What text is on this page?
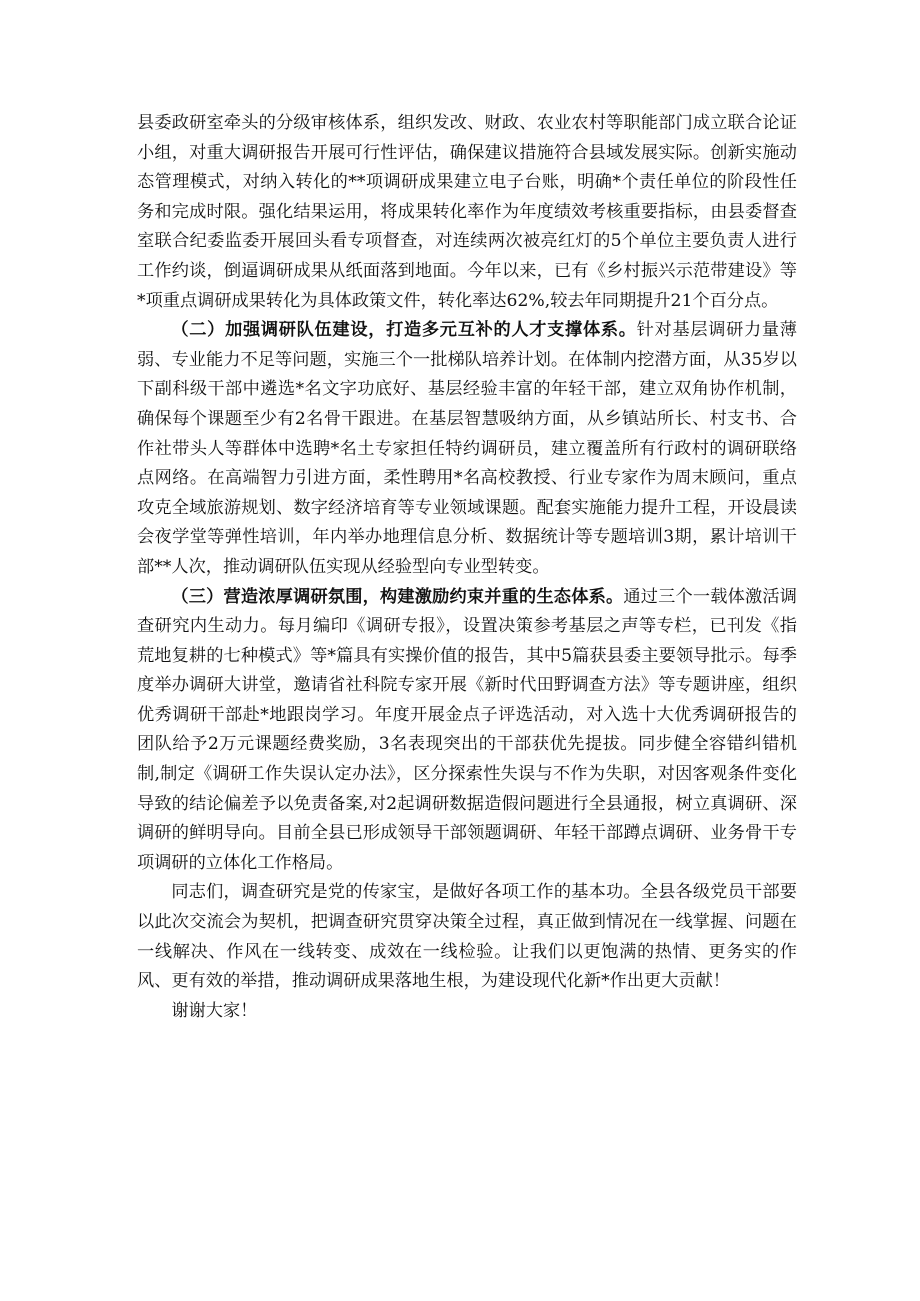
县委政研室牵头的分级审核体系，组织发改、财政、农业农村等职能部门成立联合论证小组，对重大调研报告开展可行性评估，确保建议措施符合县域发展实际。创新实施动态管理模式，对纳入转化的**项调研成果建立电子台账，明确*个责任单位的阶段性任务和完成时限。强化结果运用，将成果转化率作为年度绩效考核重要指标，由县委督查室联合纪委监委开展回头看专项督查，对连续两次被亮红灯的5个单位主要负责人进行工作约谈，倒逼调研成果从纸面落到地面。今年以来，已有《乡村振兴示范带建设》等*项重点调研成果转化为具体政策文件，转化率达62%,较去年同期提升21个百分点。

（二）加强调研队伍建设，打造多元互补的人才支撑体系。针对基层调研力量薄弱、专业能力不足等问题，实施三个一批梯队培养计划。在体制内挖潜方面，从35岁以下副科级干部中遴选*名文字功底好、基层经验丰富的年轻干部，建立双角协作机制，确保每个课题至少有2名骨干跟进。在基层智慧吸纳方面，从乡镇站所长、村支书、合作社带头人等群体中选聘*名土专家担任特约调研员，建立覆盖所有行政村的调研联络点网络。在高端智力引进方面，柔性聘用*名高校教授、行业专家作为周末顾问，重点攻克全域旅游规划、数字经济培育等专业领域课题。配套实施能力提升工程，开设晨读会夜学堂等弹性培训，年内举办地理信息分析、数据统计等专题培训3期，累计培训干部**人次，推动调研队伍实现从经验型向专业型转变。

（三）营造浓厚调研氛围，构建激励约束并重的生态体系。通过三个一载体激活调查研究内生动力。每月编印《调研专报》，设置决策参考基层之声等专栏，已刊发《指荒地复耕的七种模式》等*篇具有实操价值的报告，其中5篇获县委主要领导批示。每季度举办调研大讲堂，邀请省社科院专家开展《新时代田野调查方法》等专题讲座，组织优秀调研干部赴*地跟岗学习。年度开展金点子评选活动，对入选十大优秀调研报告的团队给予2万元课题经费奖励，3名表现突出的干部获优先提拔。同步健全容错纠错机制,制定《调研工作失误认定办法》，区分探索性失误与不作为失职，对因客观条件变化导致的结论偏差予以免责备案,对2起调研数据造假问题进行全县通报，树立真调研、深调研的鲜明导向。目前全县已形成领导干部领题调研、年轻干部蹲点调研、业务骨干专项调研的立体化工作格局。

同志们，调查研究是党的传家宝，是做好各项工作的基本功。全县各级党员干部要以此次交流会为契机，把调查研究贯穿决策全过程，真正做到情况在一线掌握、问题在一线解决、作风在一线转变、成效在一线检验。让我们以更饱满的热情、更务实的作风、更有效的举措，推动调研成果落地生根，为建设现代化新*作出更大贡献！

谢谢大家！
